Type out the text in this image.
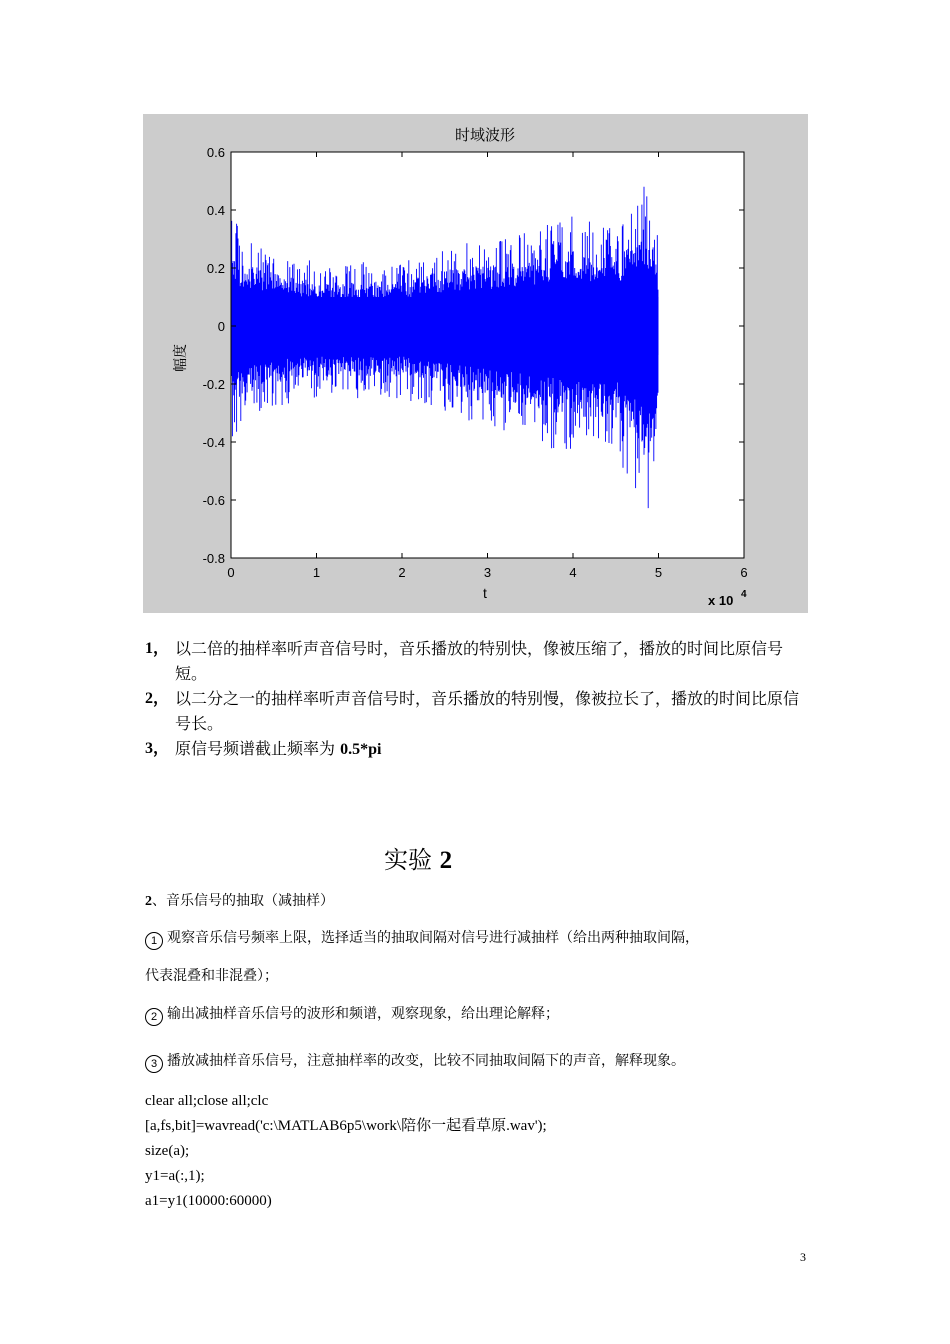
0	1	2	3	4	5	6
0.6
0.4
0.2
0
-0.2
-0.4
-0.6
-0.8
时域波形
t
幅度
x 10 4
1， 以二倍的抽样率听声音信号时，音乐播放的特别快，像被压缩了，播放的时间比原信号短。
2， 以二分之一的抽样率听声音信号时，音乐播放的特别慢，像被拉长了，播放的时间比原信号长。
3， 原信号频谱截止频率为 0.5*pi
实验 2
2、音乐信号的抽取（减抽样）
1 观察音乐信号频率上限，选择适当的抽取间隔对信号进行减抽样（给出两种抽取间隔，
代表混叠和非混叠）；
2 输出减抽样音乐信号的波形和频谱，观察现象，给出理论解释；
3 播放减抽样音乐信号，注意抽样率的改变，比较不同抽取间隔下的声音，解释现象。
clear all;close all;clc
[a,fs,bit]=wavread('c:\MATLAB6p5\work\陪你一起看草原.wav');
size(a);
y1=a(:,1);
a1=y1(10000:60000)
3
